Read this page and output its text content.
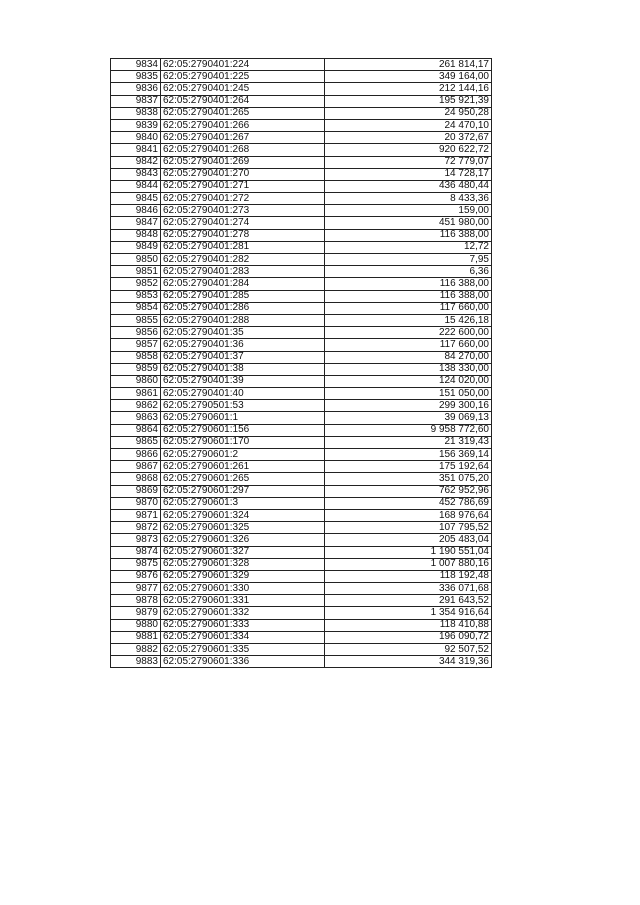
9834	62:05:2790401:224	261 814,17
9835	62:05:2790401:225	349 164,00
9836	62:05:2790401:245	212 144,16
9837	62:05:2790401:264	195 921,39
9838	62:05:2790401:265	24 950,28
9839	62:05:2790401:266	24 470,10
9840	62:05:2790401:267	20 372,67
9841	62:05:2790401:268	920 622,72
9842	62:05:2790401:269	72 779,07
9843	62:05:2790401:270	14 728,17
9844	62:05:2790401:271	436 480,44
9845	62:05:2790401:272	8 433,36
9846	62:05:2790401:273	159,00
9847	62:05:2790401:274	451 980,00
9848	62:05:2790401:278	116 388,00
9849	62:05:2790401:281	12,72
9850	62:05:2790401:282	7,95
9851	62:05:2790401:283	6,36
9852	62:05:2790401:284	116 388,00
9853	62:05:2790401:285	116 388,00
9854	62:05:2790401:286	117 660,00
9855	62:05:2790401:288	15 426,18
9856	62:05:2790401:35	222 600,00
9857	62:05:2790401:36	117 660,00
9858	62:05:2790401:37	84 270,00
9859	62:05:2790401:38	138 330,00
9860	62:05:2790401:39	124 020,00
9861	62:05:2790401:40	151 050,00
9862	62:05:2790501:53	299 300,16
9863	62:05:2790601:1	39 069,13
9864	62:05:2790601:156	9 958 772,60
9865	62:05:2790601:170	21 319,43
9866	62:05:2790601:2	156 369,14
9867	62:05:2790601:261	175 192,64
9868	62:05:2790601:265	351 075,20
9869	62:05:2790601:297	762 952,96
9870	62:05:2790601:3	452 786,69
9871	62:05:2790601:324	168 976,64
9872	62:05:2790601:325	107 795,52
9873	62:05:2790601:326	205 483,04
9874	62:05:2790601:327	1 190 551,04
9875	62:05:2790601:328	1 007 880,16
9876	62:05:2790601:329	118 192,48
9877	62:05:2790601:330	336 071,68
9878	62:05:2790601:331	291 643,52
9879	62:05:2790601:332	1 354 916,64
9880	62:05:2790601:333	118 410,88
9881	62:05:2790601:334	196 090,72
9882	62:05:2790601:335	92 507,52
9883	62:05:2790601:336	344 319,36
